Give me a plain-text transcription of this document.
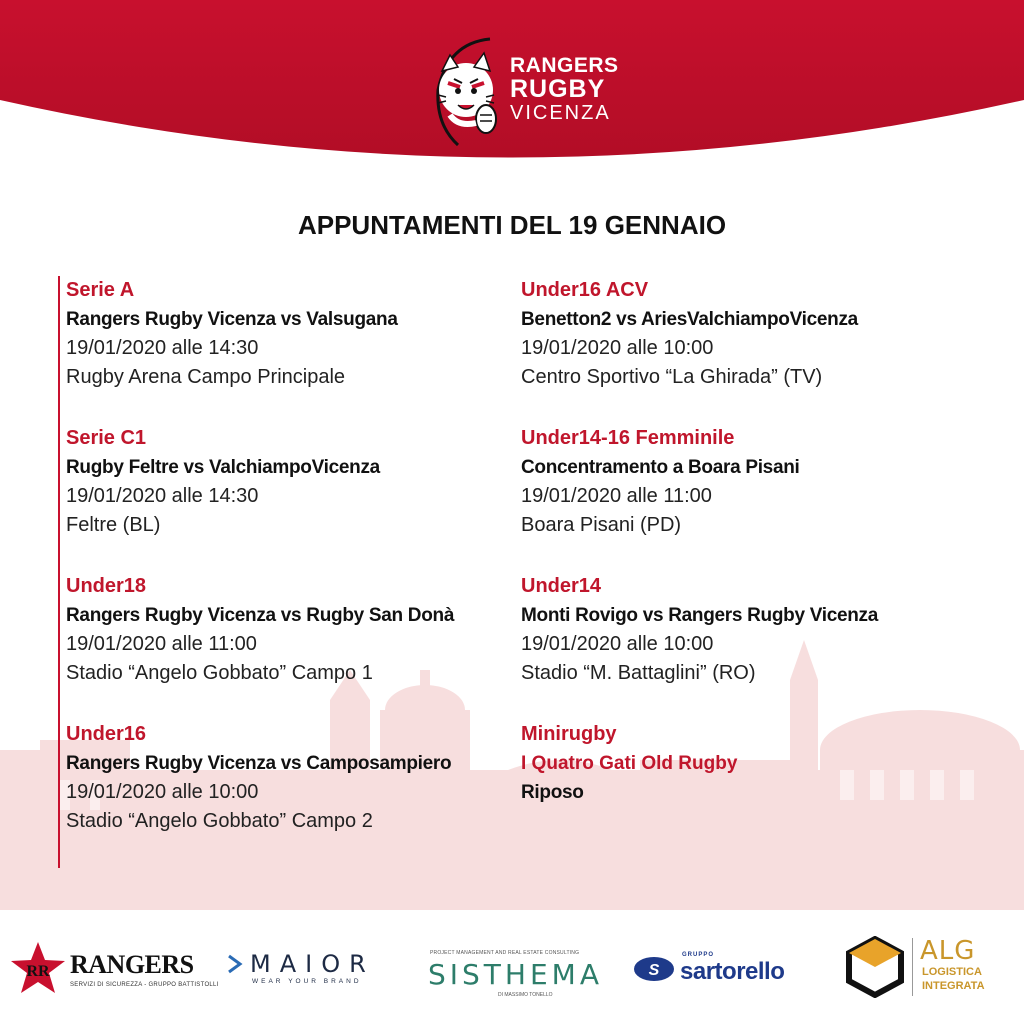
RANGERS
RUGBY
VICENZA
APPUNTAMENTI DEL 19 GENNAIO
Serie A
Rangers Rugby Vicenza vs Valsugana
19/01/2020 alle 14:30
Rugby Arena Campo Principale
Serie C1
Rugby Feltre vs ValchiampoVicenza
19/01/2020 alle 14:30
Feltre (BL)
Under18
Rangers Rugby Vicenza vs Rugby San Donà
19/01/2020 alle 11:00
Stadio “Angelo Gobbato” Campo 1
Under16
Rangers Rugby Vicenza vs Camposampiero
19/01/2020 alle 10:00
Stadio “Angelo Gobbato” Campo 2
Under16 ACV
Benetton2 vs AriesValchiampoVicenza
19/01/2020 alle 10:00
Centro Sportivo “La Ghirada” (TV)
Under14-16 Femminile
Concentramento a Boara Pisani
19/01/2020 alle 11:00
Boara Pisani (PD)
Under14
Monti Rovigo vs Rangers Rugby Vicenza
19/01/2020 alle 10:00
Stadio “M. Battaglini” (RO)
Minirugby
I Quatro Gati Old Rugby
Riposo
RR RANGERS
SERVIZI DI SICUREZZA - GRUPPO BATTISTOLLI
MAIOR
WEAR YOUR BRAND
PROJECT MANAGEMENT AND REAL ESTATE CONSULTING
SISTHEMA
DI MASSIMO TONELLO
S
GRUPPO
sartorello
ALG
LOGISTICA
INTEGRATA
